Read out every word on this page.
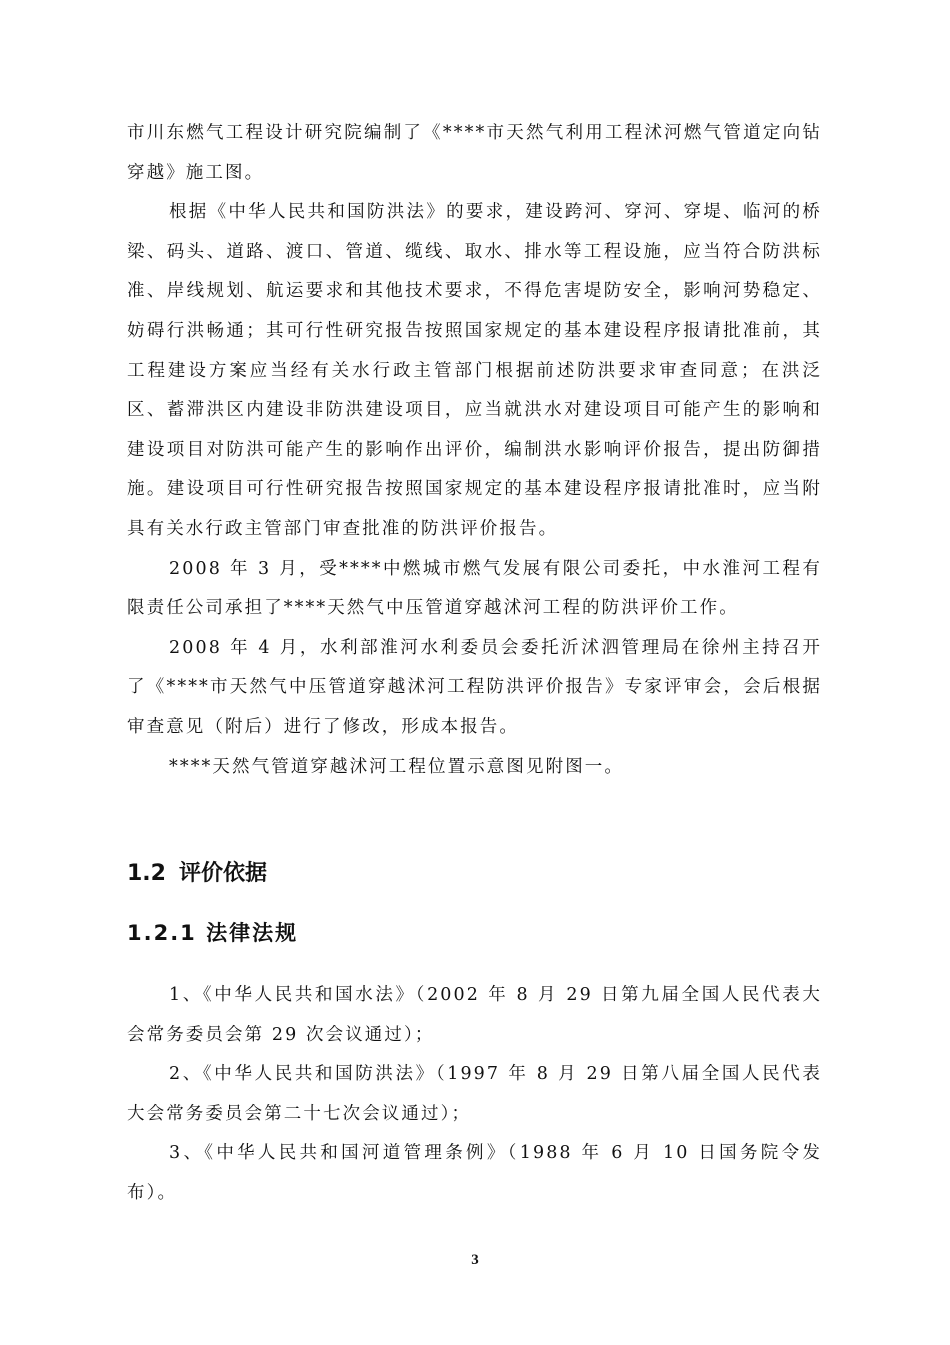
市川东燃气工程设计研究院编制了《****市天然气利用工程沭河燃气管道定向钻穿越》施工图。

根据《中华人民共和国防洪法》的要求，建设跨河、穿河、穿堤、临河的桥梁、码头、道路、渡口、管道、缆线、取水、排水等工程设施，应当符合防洪标准、岸线规划、航运要求和其他技术要求，不得危害堤防安全，影响河势稳定、妨碍行洪畅通；其可行性研究报告按照国家规定的基本建设程序报请批准前，其工程建设方案应当经有关水行政主管部门根据前述防洪要求审查同意；在洪泛区、蓄滞洪区内建设非防洪建设项目，应当就洪水对建设项目可能产生的影响和建设项目对防洪可能产生的影响作出评价，编制洪水影响评价报告，提出防御措施。建设项目可行性研究报告按照国家规定的基本建设程序报请批准时，应当附具有关水行政主管部门审查批准的防洪评价报告。

2008 年 3 月，受****中燃城市燃气发展有限公司委托，中水淮河工程有限责任公司承担了****天然气中压管道穿越沭河工程的防洪评价工作。

2008 年 4 月，水利部淮河水利委员会委托沂沭泗管理局在徐州主持召开了《****市天然气中压管道穿越沭河工程防洪评价报告》专家评审会，会后根据审查意见（附后）进行了修改，形成本报告。

****天然气管道穿越沭河工程位置示意图见附图一。

1.2 评价依据
1.2.1 法律法规

1、《中华人民共和国水法》（2002 年 8 月 29 日第九届全国人民代表大会常务委员会第 29 次会议通过）；

2、《中华人民共和国防洪法》（1997 年 8 月 29 日第八届全国人民代表大会常务委员会第二十七次会议通过）；

3、《中华人民共和国河道管理条例》（1988 年 6 月 10 日国务院令发布）。

3
